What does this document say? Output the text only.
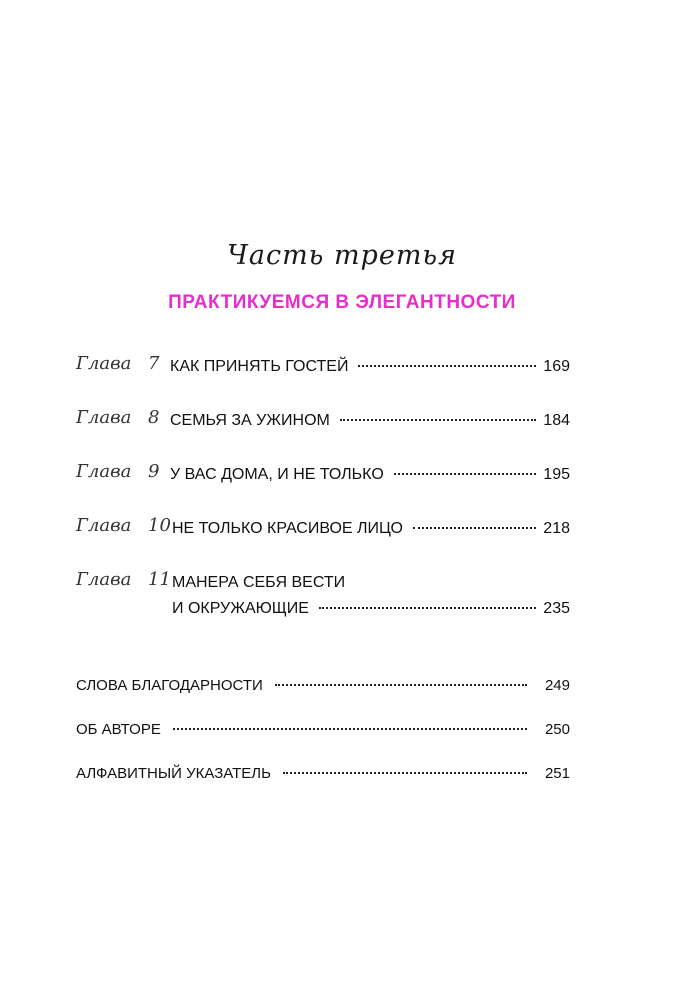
Часть третья
ПРАКТИКУЕМСЯ В ЭЛЕГАНТНОСТИ
Глава 7 КАК ПРИНЯТЬ ГОСТЕЙ	169
Глава 8 СЕМЬЯ ЗА УЖИНОМ	184
Глава 9 У ВАС ДОМА, И НЕ ТОЛЬКО	195
Глава 10 НЕ ТОЛЬКО КРАСИВОЕ ЛИЦО	218
Глава 11 МАНЕРА СЕБЯ ВЕСТИ
И ОКРУЖАЮЩИЕ	235
СЛОВА БЛАГОДАРНОСТИ	249
ОБ АВТОРЕ	250
АЛФАВИТНЫЙ УКАЗАТЕЛЬ	251
